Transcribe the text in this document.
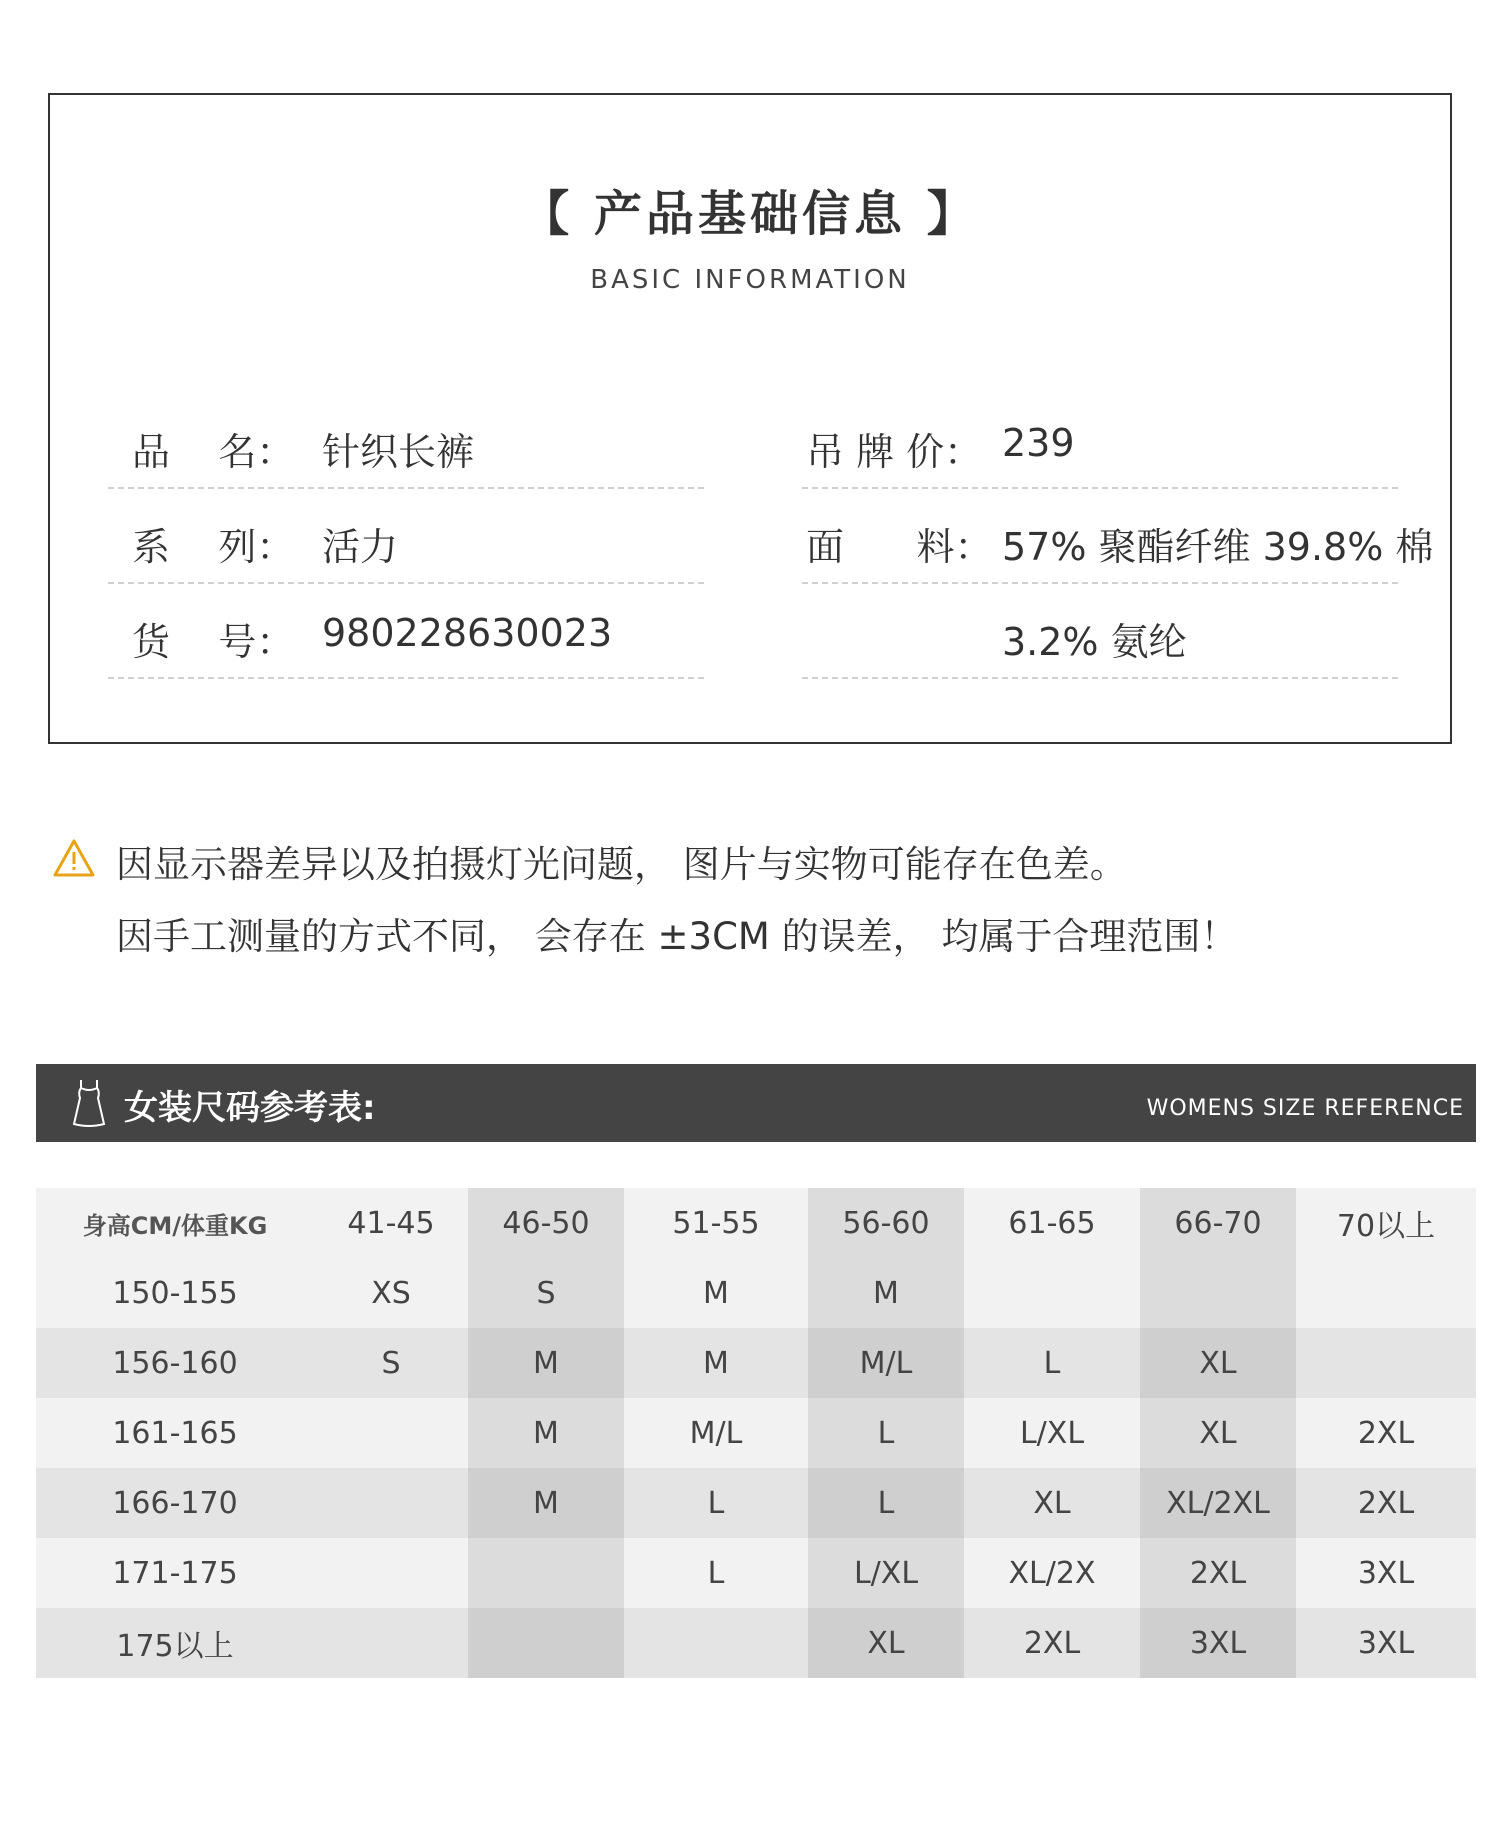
【 产品基础信息 】
BASIC INFORMATION
品    名： 针织长裤
系    列： 活力
货    号： 980228630023
吊 牌 价： 239
面      料： 57% 聚酯纤维 39.8% 棉
3.2% 氨纶
因显示器差异以及拍摄灯光问题， 图片与实物可能存在色差。
因手工测量的方式不同， 会存在 ±3CM 的误差， 均属于合理范围！
女装尺码参考表:	WOMENS SIZE REFERENCE
身高CM/体重KG	41-45	46-50	51-55	56-60	61-65	66-70	70以上
150-155	XS	S	M	M			
156-160	S	M	M	M/L	L	XL	
161-165		M	M/L	L	L/XL	XL	2XL
166-170		M	L	L	XL	XL/2XL	2XL
171-175			L	L/XL	XL/2X	2XL	3XL
175以上				XL	2XL	3XL	3XL
